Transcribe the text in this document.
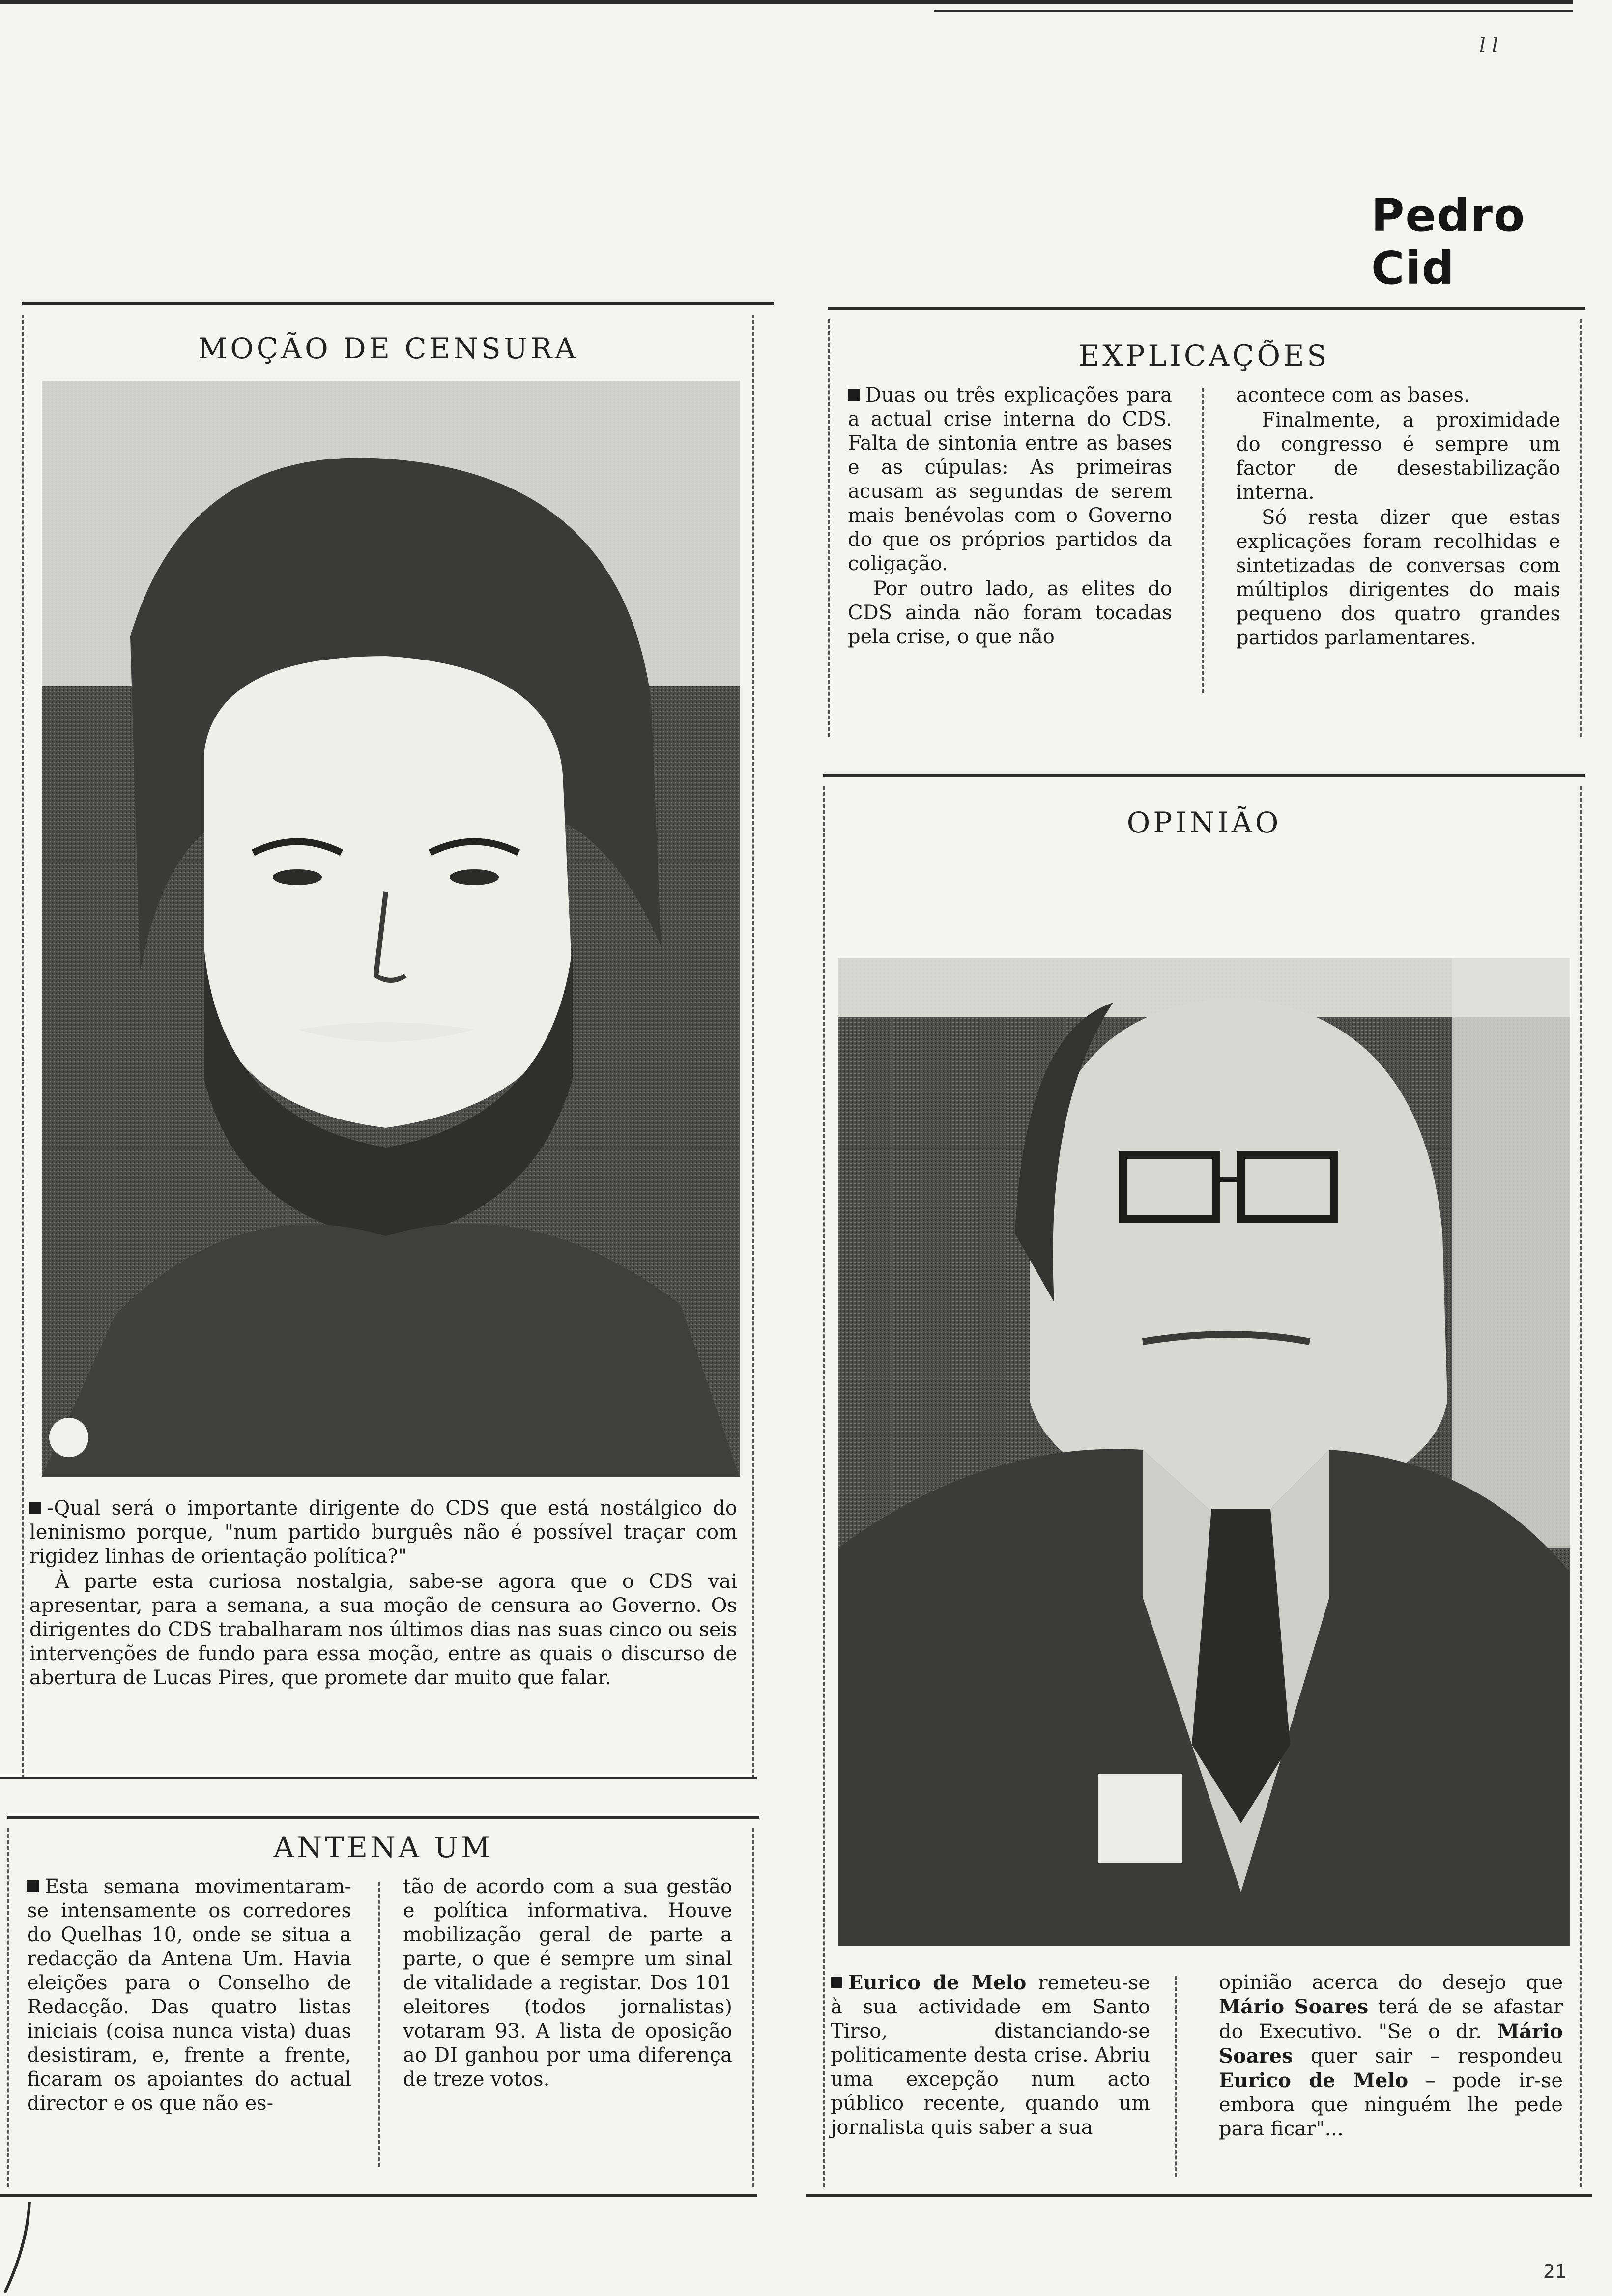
l l
Pedro Cid
MOÇÃO DE CENSURA

-Qual será o importante dirigente do CDS que está nostálgico do leninismo porque, "num partido burguês não é possível traçar com rigidez linhas de orientação política?"

À parte esta curiosa nostalgia, sabe-se agora que o CDS vai apresentar, para a semana, a sua moção de censura ao Governo. Os dirigentes do CDS trabalharam nos últimos dias nas suas cinco ou seis intervenções de fundo para essa moção, entre as quais o discurso de abertura de Lucas Pires, que promete dar muito que falar.

EXPLICAÇÕES

Duas ou três explicações para a actual crise interna do CDS. Falta de sintonia entre as bases e as cúpulas: As primeiras acusam as segundas de serem mais benévolas com o Governo do que os próprios partidos da coligação.

Por outro lado, as elites do CDS ainda não foram tocadas pela crise, o que não

acontece com as bases.

Finalmente, a proximidade do congresso é sempre um factor de desestabilização interna.

Só resta dizer que estas explicações foram recolhidas e sintetizadas de conversas com múltiplos dirigentes do mais pequeno dos quatro grandes partidos parlamentares.

OPINIÃO

Eurico de Melo remeteu-se à sua actividade em Santo Tirso, distanciando-se politicamente desta crise. Abriu uma excepção num acto público recente, quando um jornalista quis saber a sua

opinião acerca do desejo que Mário Soares terá de se afastar do Executivo. "Se o dr. Mário Soares quer sair – respondeu Eurico de Melo – pode ir-se embora que ninguém lhe pede para ficar"...

ANTENA UM

Esta semana movimentaram-se intensamente os corredores do Quelhas 10, onde se situa a redacção da Antena Um. Havia eleições para o Conselho de Redacção. Das quatro listas iniciais (coisa nunca vista) duas desistiram, e, frente a frente, ficaram os apoiantes do actual director e os que não es-

tão de acordo com a sua gestão e política informativa. Houve mobilização geral de parte a parte, o que é sempre um sinal de vitalidade a registar. Dos 101 eleitores (todos jornalistas) votaram 93. A lista de oposição ao DI ganhou por uma diferença de treze votos.

21
